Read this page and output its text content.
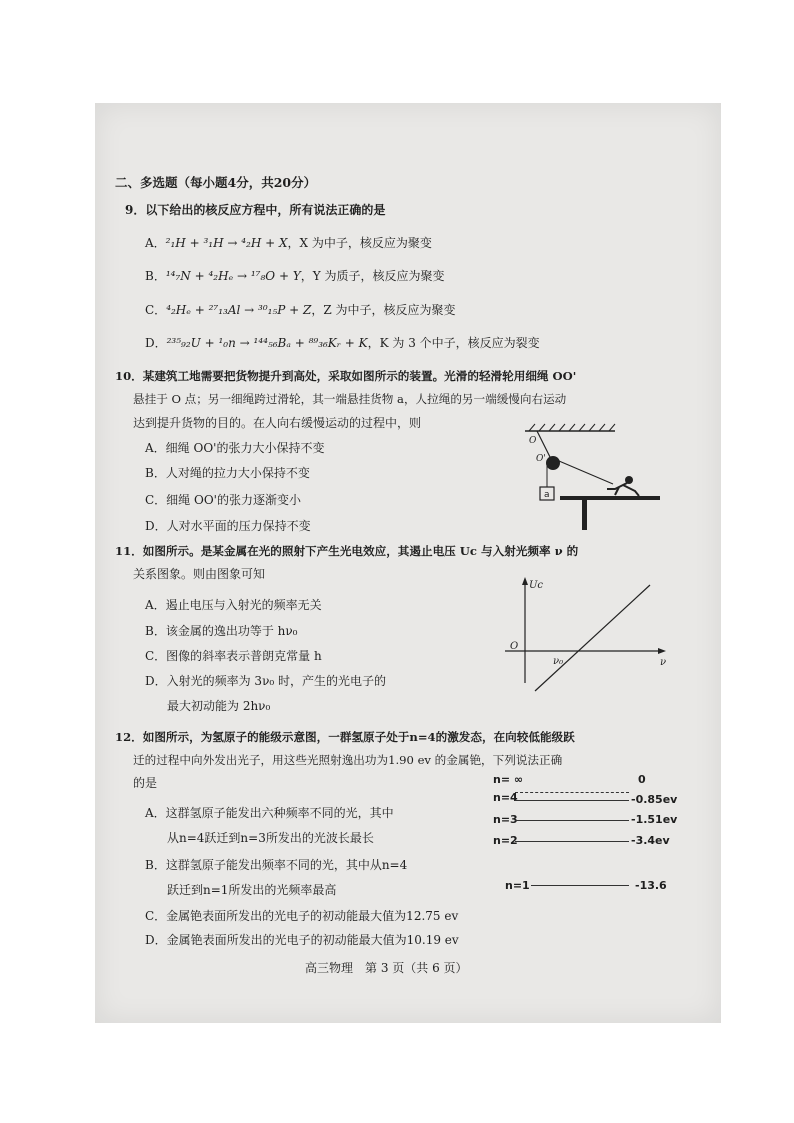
二、多选题（每小题4分，共20分）
9．以下给出的核反应方程中，所有说法正确的是
A．²₁H + ³₁H → ⁴₂H + X，X 为中子，核反应为聚变
B．¹⁴₇N + ⁴₂Hₑ → ¹⁷₈O + Y，Y 为质子，核反应为聚变
C．⁴₂Hₑ + ²⁷₁₃Al → ³⁰₁₅P + Z，Z 为中子，核反应为聚变
D．²³⁵₉₂U + ¹₀n → ¹⁴⁴₅₆Bₐ + ⁸⁹₃₆Kᵣ + K，K 为 3 个中子，核反应为裂变
10．某建筑工地需要把货物提升到高处，采取如图所示的装置。光滑的轻滑轮用细绳 OO'
悬挂于 O 点；另一细绳跨过滑轮，其一端悬挂货物 a，人拉绳的另一端缓慢向右运动
达到提升货物的目的。在人向右缓慢运动的过程中，则
A．细绳 OO'的张力大小保持不变
B．人对绳的拉力大小保持不变
C．细绳 OO'的张力逐渐变小
D．人对水平面的压力保持不变
a
O
O'
11．如图所示。是某金属在光的照射下产生光电效应，其遏止电压 Uc 与入射光频率 ν 的
关系图象。则由图象可知
A．遏止电压与入射光的频率无关
B．该金属的逸出功等于 hν₀
C．图像的斜率表示普朗克常量 h
D．入射光的频率为 3ν₀ 时，产生的光电子的
最大初动能为 2hν₀
Uc
ν
O
ν₀
12．如图所示，为氢原子的能级示意图，一群氢原子处于n=4的激发态，在向较低能级跃
迁的过程中向外发出光子，用这些光照射逸出功为1.90 ev 的金属铯，下列说法正确
的是
A．这群氢原子能发出六种频率不同的光，其中
从n=4跃迁到n=3所发出的光波长最长
B．这群氢原子能发出频率不同的光，其中从n=4
跃迁到n=1所发出的光频率最高
C．金属铯表面所发出的光电子的初动能最大值为12.75 ev
D．金属铯表面所发出的光电子的初动能最大值为10.19 ev
n= ∞	0
n=4	-0.85ev
n=3	-1.51ev
n=2	-3.4ev
n=1	-13.6
高三物理　第 3 页（共 6 页）
